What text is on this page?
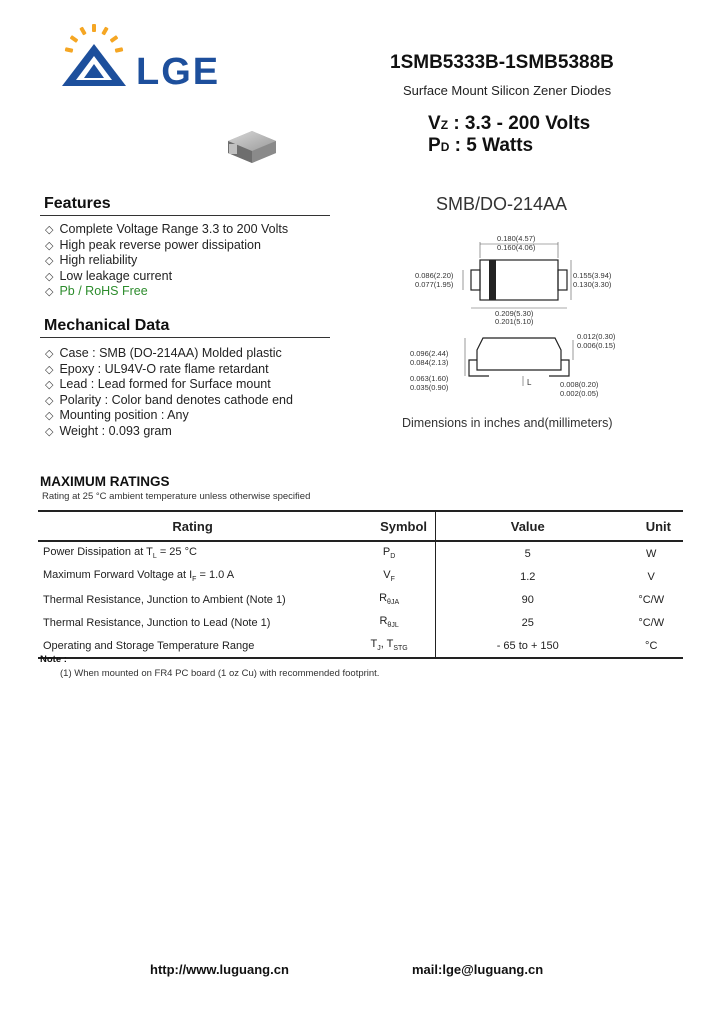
LGE	1SMB5333B-1SMB5388B
Surface Mount Silicon Zener Diodes
VZ : 3.3 - 200 Volts
PD : 5 Watts
Features
◇ Complete Voltage Range 3.3 to 200 Volts
◇ High peak reverse power dissipation
◇ High reliability
◇ Low leakage current
◇ Pb / RoHS Free
Mechanical Data
◇ Case : SMB (DO-214AA) Molded plastic
◇ Epoxy : UL94V-O rate flame retardant
◇ Lead : Lead formed for Surface mount
◇ Polarity : Color band denotes cathode end
◇ Mounting position : Any
◇ Weight : 0.093 gram
SMB/DO-214AA
0.180(4.57)
0.160(4.06)
0.086(2.20)
0.077(1.95)
0.155(3.94)
0.130(3.30)
0.209(5.30)
0.201(5.10)
0.096(2.44)
0.084(2.13)
0.012(0.30)
0.006(0.15)
0.063(1.60)
0.035(0.90)
L	0.008(0.20)
0.002(0.05)
Dimensions in inches and(millimeters)
MAXIMUM RATINGS
Rating at 25 °C ambient temperature unless otherwise specified
Rating	Symbol	Value	Unit
Power Dissipation at $T_L = 25$ °C	$P_D$	5	W
Maximum Forward Voltage at $I_F = 1.0$ A	$V_F$	1.2	V
Thermal Resistance, Junction to Ambient (Note 1)	$R_{\theta JA}$	90	°C/W
Thermal Resistance, Junction to Lead (Note 1)	$R_{\theta JL}$	25	°C/W
Operating and Storage Temperature Range	$T_J$, $T_{STG}$	- 65 to + 150	°C
Note :
(1) When mounted on FR4 PC board (1 oz Cu) with recommended footprint.
http://www.luguang.cn	mail:lge@luguang.cn
